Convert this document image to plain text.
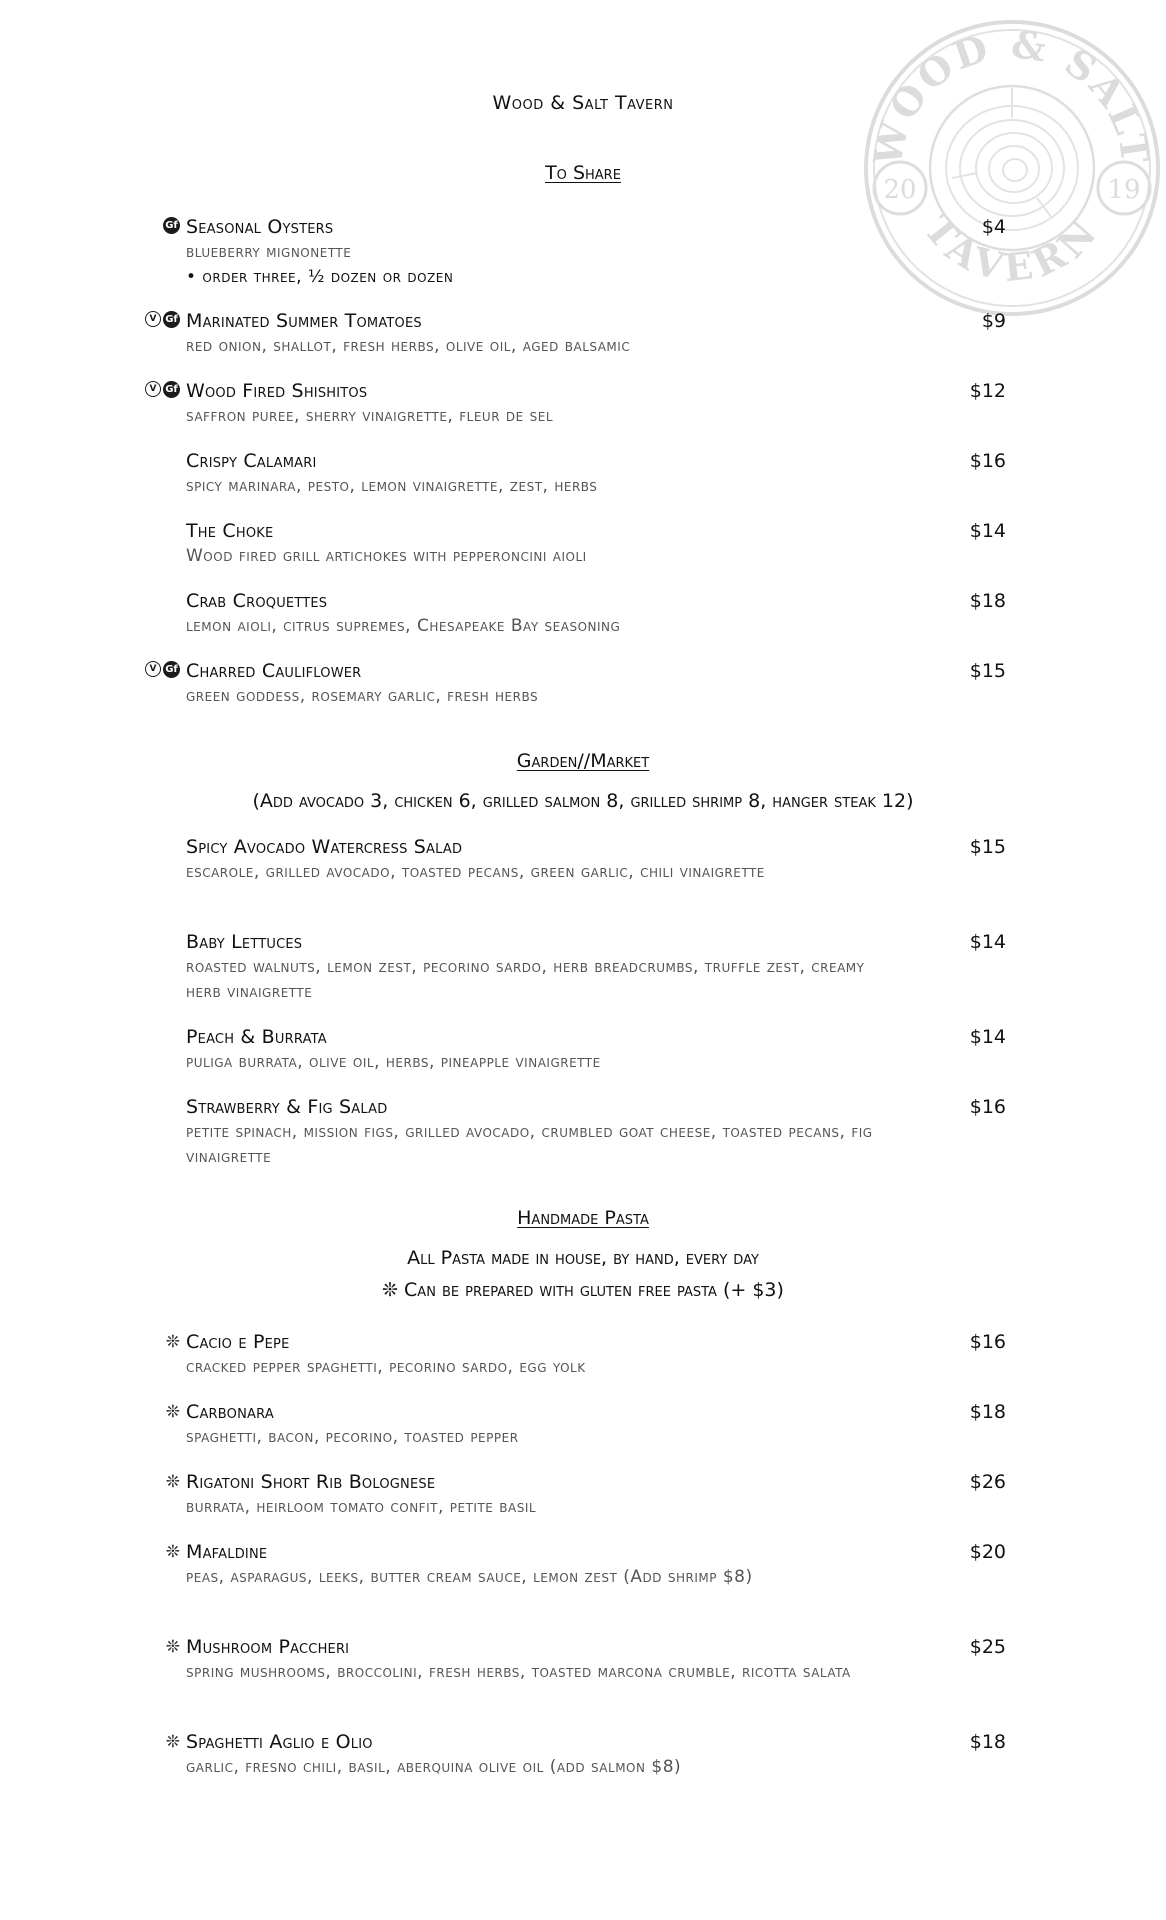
WOOD & SALT
TAVERN
20	19
Wood & Salt Tavern
To Share
Gf Seasonal Oysters	$4
blueberry mignonette
• order three, ½ dozen or dozen
V Gf Marinated Summer Tomatoes	$9
red onion, shallot, fresh herbs, olive oil, aged balsamic
V Gf Wood Fired Shishitos	$12
saffron puree, sherry vinaigrette, fleur de sel
Crispy Calamari	$16
spicy marinara, pesto, lemon vinaigrette, zest, herbs
The Choke	$14
Wood fired grill artichokes with pepperoncini aioli
Crab Croquettes	$18
lemon aioli, citrus supremes, Chesapeake Bay seasoning
V Gf Charred Cauliflower	$15
green goddess, rosemary garlic, fresh herbs
Garden//Market
(Add avocado 3, chicken 6, grilled salmon 8, grilled shrimp 8, hanger steak 12)
Spicy Avocado Watercress Salad	$15
escarole, grilled avocado, toasted pecans, green garlic, chili vinaigrette
Baby Lettuces	$14
roasted walnuts, lemon zest, pecorino sardo, herb breadcrumbs, truffle zest, creamy herb vinaigrette
Peach & Burrata	$14
puliga burrata, olive oil, herbs, pineapple vinaigrette
Strawberry & Fig Salad	$16
petite spinach, mission figs, grilled avocado, crumbled goat cheese, toasted pecans, fig vinaigrette
Handmade Pasta
All Pasta made in house, by hand, every day
❊ Can be prepared with gluten free pasta (+ $3)
❊ Cacio e Pepe	$16
cracked pepper spaghetti, pecorino sardo, egg yolk
❊ Carbonara	$18
spaghetti, bacon, pecorino, toasted pepper
❊ Rigatoni Short Rib Bolognese	$26
burrata, heirloom tomato confit, petite basil
❊ Mafaldine	$20
peas, asparagus, leeks, butter cream sauce, lemon zest (Add shrimp $8)
❊ Mushroom Paccheri	$25
spring mushrooms, broccolini, fresh herbs, toasted marcona crumble, ricotta salata
❊ Spaghetti Aglio e Olio	$18
garlic, fresno chili, basil, aberquina olive oil (add salmon $8)
